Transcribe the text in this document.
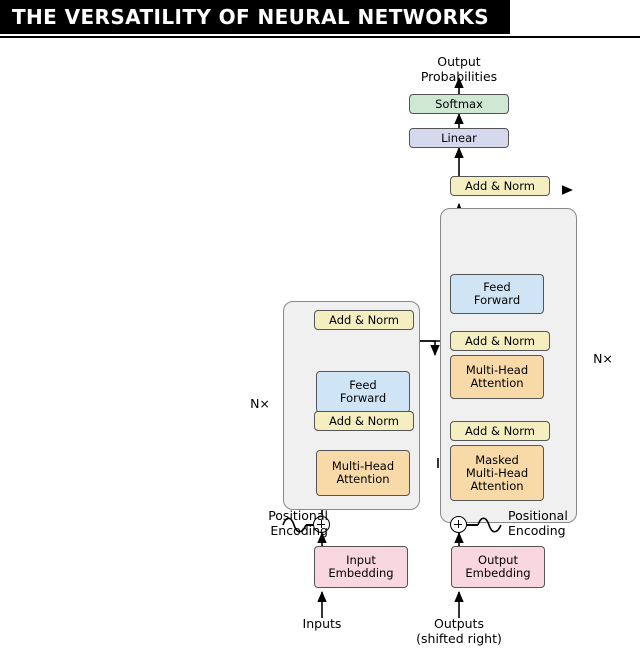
THE VERSATILITY OF NEURAL NETWORKS
Softmax
Linear
Add & Norm
Feed
Forward
Add & Norm
Multi-Head
Attention
Add & Norm
Masked
Multi-Head
Attention
Add & Norm
Feed
Forward
Add & Norm
Multi-Head
Attention
Input
Embedding
Output
Embedding
Output
Probabilities
N×
N×
Positional
Encoding
Positional
Encoding
Inputs	Outputs
(shifted right)
